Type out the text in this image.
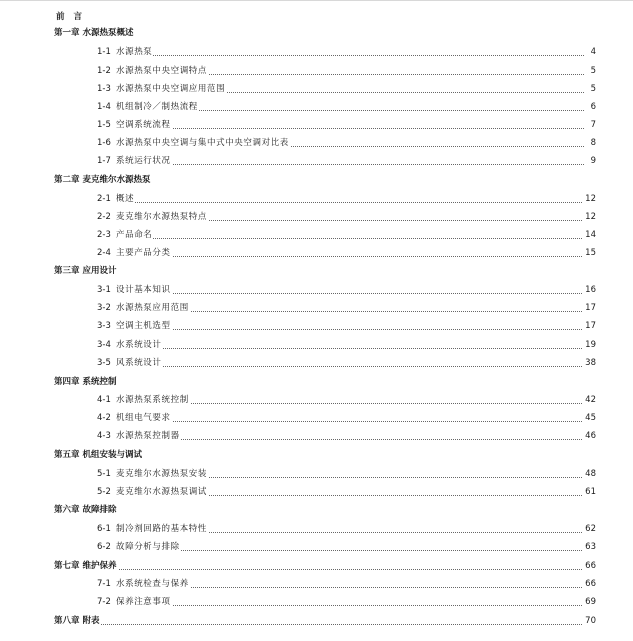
前 言
第一章 水源热泵概述
1-1 水源热泵	4
1-2 水源热泵中央空调特点	5
1-3 水源热泵中央空调应用范围	5
1-4 机组制冷／制热流程	6
1-5 空调系统流程	7
1-6 水源热泵中央空调与集中式中央空调对比表	8
1-7 系统运行状况	9
第二章 麦克维尔水源热泵
2-1 概述	12
2-2 麦克维尔水源热泵特点	12
2-3 产品命名	14
2-4 主要产品分类	15
第三章 应用设计
3-1 设计基本知识	16
3-2 水源热泵应用范围	17
3-3 空调主机选型	17
3-4 水系统设计	19
3-5 风系统设计	38
第四章 系统控制
4-1 水源热泵系统控制	42
4-2 机组电气要求	45
4-3 水源热泵控制器	46
第五章 机组安装与调试
5-1 麦克维尔水源热泵安装	48
5-2 麦克维尔水源热泵调试	61
第六章 故障排除
6-1 制冷剂回路的基本特性	62
6-2 故障分析与排除	63
第七章 维护保养	66
7-1 水系统检查与保养	66
7-2 保养注意事项	69
第八章 附表	70
